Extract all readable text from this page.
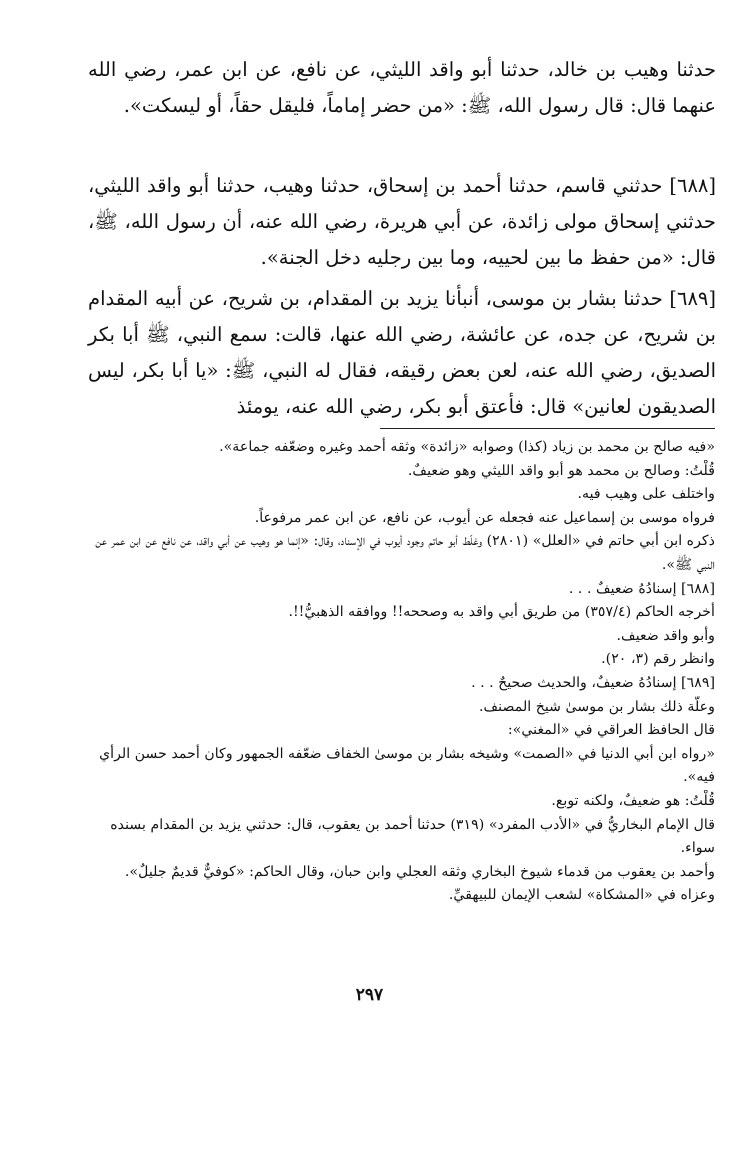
حدثنا وهيب بن خالد، حدثنا أبو واقد الليثي، عن نافع، عن ابن عمر، رضي الله عنهما قال: قال رسول الله، ﷺ: «من حضر إماماً، فليقل حقاً، أو ليسكت».

[٦٨٨] حدثني قاسم، حدثنا أحمد بن إسحاق، حدثنا وهيب، حدثنا أبو واقد الليثي، حدثني إسحاق مولى زائدة، عن أبي هريرة، رضي الله عنه، أن رسول الله، ﷺ، قال: «من حفظ ما بين لحييه، وما بين رجليه دخل الجنة».

[٦٨٩] حدثنا بشار بن موسى، أنبأنا يزيد بن المقدام، بن شريح، عن أبيه المقدام بن شريح، عن جده، عن عائشة، رضي الله عنها، قالت: سمع النبي، ﷺ أبا بكر الصديق، رضي الله عنه، لعن بعض رقيقه، فقال له النبي، ﷺ: «يا أبا بكر، ليس الصديقون لعانين» قال: فأعتق أبو بكر، رضي الله عنه، يومئذ

«فيه صالح بن محمد بن زياد (كذا) وصوابه «زائدة» وثقه أحمد وغيره وضعّفه جماعة».
قُلْتُ: وصالح بن محمد هو أبو واقد الليثي وهو ضعيفٌ.
واختلف على وهيب فيه.
فرواه موسى بن إسماعيل عنه فجعله عن أيوب، عن نافع، عن ابن عمر مرفوعاً.
ذكره ابن أبي حاتم في «العلل» (٢٨٠١) وغلّط أبو حاتم وجود أيوب في الإسناد، وقال: «إنما هو وهيب عن أبي واقد، عن نافع عن ابن عمر عن النبي ﷺ».
[٦٨٨] إسنادُهُ ضعيفٌ . . .
أخرجه الحاكم (٣٥٧/٤) من طريق أبي واقد به وصححه!! ووافقه الذهبيُّ!!.
وأبو واقد ضعيف.
وانظر رقم (٣، ٢٠).
[٦٨٩] إسنادُهُ ضعيفٌ، والحديث صحيحٌ . . .
وعلّة ذلك بشار بن موسىٰ شيخ المصنف.
قال الحافظ العراقي في «المغني»:
«رواه ابن أبي الدنيا في «الصمت» وشيخه بشار بن موسىٰ الخفاف ضعّفه الجمهور وكان أحمد حسن الرأي فيه».
قُلْتُ: هو ضعيفٌ، ولكنه توبع.
قال الإمام البخاريُّ في «الأدب المفرد» (٣١٩) حدثنا أحمد بن يعقوب، قال: حدثني يزيد بن المقدام بسنده سواء.
وأحمد بن يعقوب من قدماء شيوخ البخاري وثقه العجلي وابن حبان، وقال الحاكم: «كوفيٌّ قديمٌ جليلٌ».
وعزاه في «المشكاة» لشعب الإيمان للبيهقيِّ.
٢٩٧
